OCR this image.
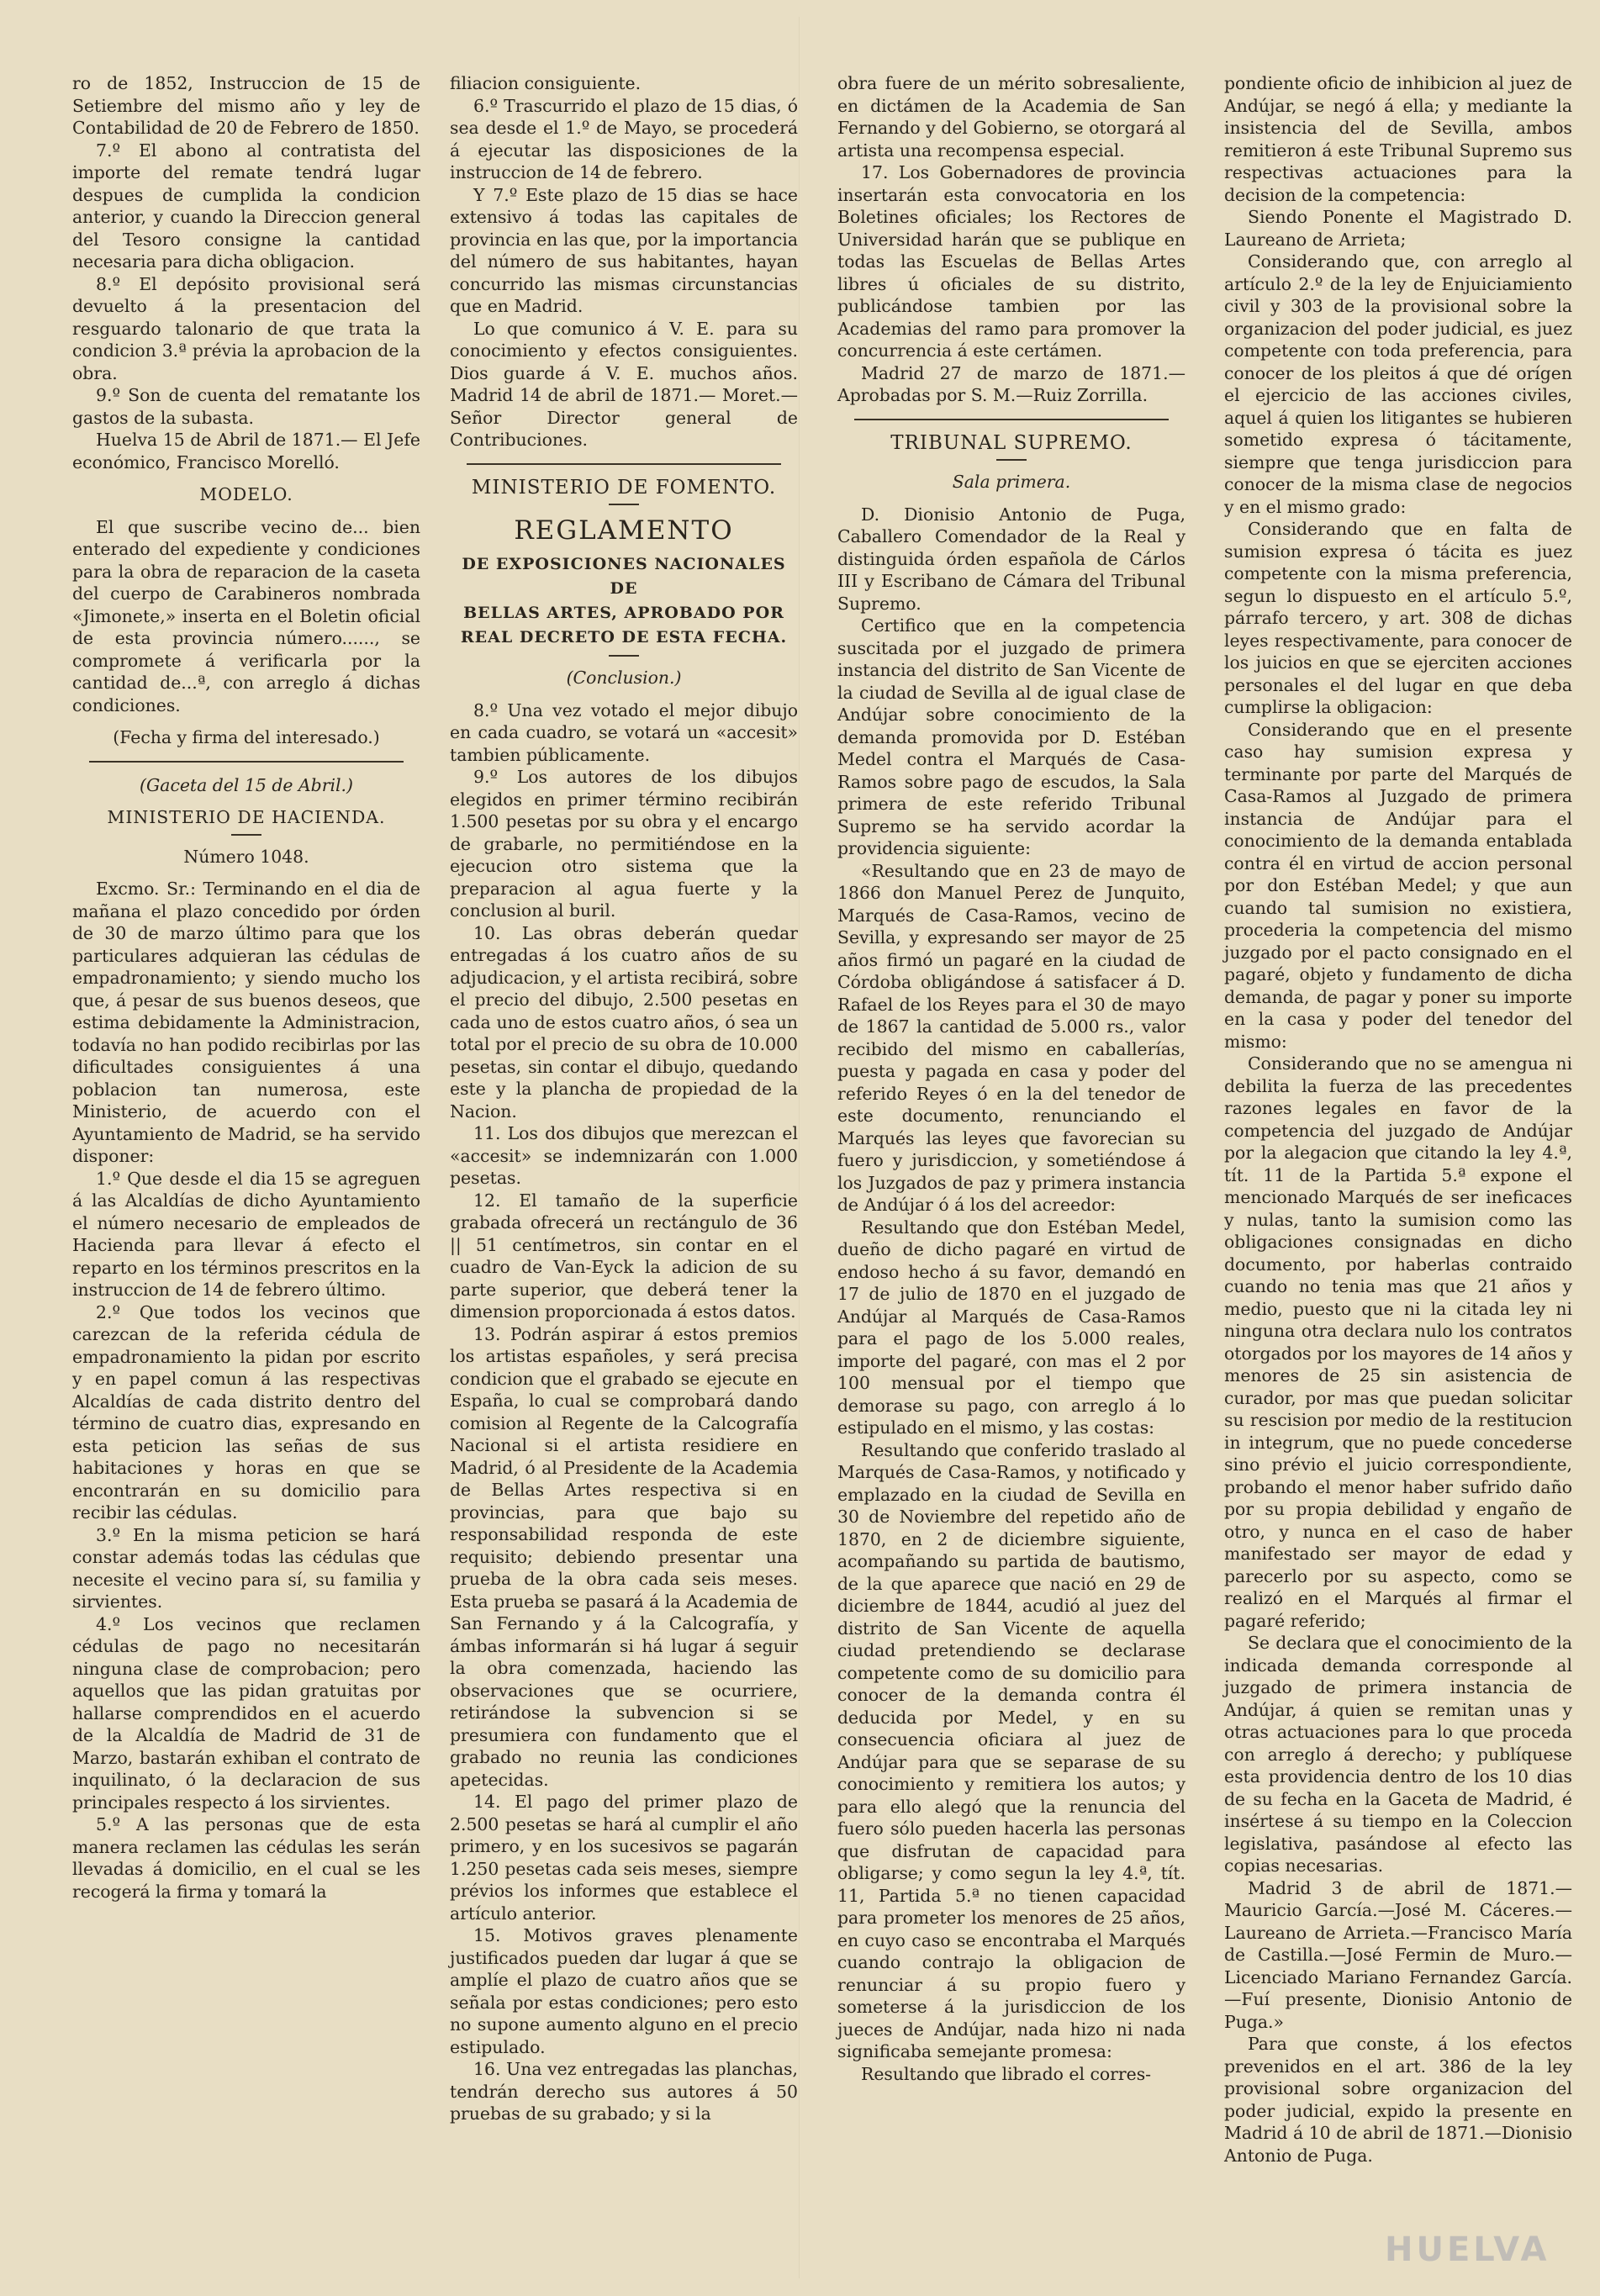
ro de 1852, Instruccion de 15 de Setiembre del mismo año y ley de Contabilidad de 20 de Febrero de 1850.

7.º El abono al contratista del importe del remate tendrá lugar despues de cumplida la condicion anterior, y cuando la Direccion general del Tesoro consigne la cantidad necesaria para dicha obligacion.

8.º El depósito provisional será devuelto á la presentacion del resguardo talonario de que trata la condicion 3.ª prévia la aprobacion de la obra.

9.º Son de cuenta del rematante los gastos de la subasta.

Huelva 15 de Abril de 1871.— El Jefe económico, Francisco Morelló.

MODELO.

El que suscribe vecino de... bien enterado del expediente y condiciones para la obra de reparacion de la caseta del cuerpo de Carabineros nombrada «Jimonete,» inserta en el Boletin oficial de esta provincia número......, se compromete á verificarla por la cantidad de...ª, con arreglo á dichas condiciones.

(Fecha y firma del interesado.)

(Gaceta del 15 de Abril.)

MINISTERIO DE HACIENDA.

Número 1048.

Excmo. Sr.: Terminando en el dia de mañana el plazo concedido por órden de 30 de marzo último para que los particulares adquieran las cédulas de empadronamiento; y siendo mucho los que, á pesar de sus buenos deseos, que estima debidamente la Administracion, todavía no han podido recibirlas por las dificultades consiguientes á una poblacion tan numerosa, este Ministerio, de acuerdo con el Ayuntamiento de Madrid, se ha servido disponer:

1.º Que desde el dia 15 se agreguen á las Alcaldías de dicho Ayuntamiento el número necesario de empleados de Hacienda para llevar á efecto el reparto en los términos prescritos en la instruccion de 14 de febrero último.

2.º Que todos los vecinos que carezcan de la referida cédula de empadronamiento la pidan por escrito y en papel comun á las respectivas Alcaldías de cada distrito dentro del término de cuatro dias, expresando en esta peticion las señas de sus habitaciones y horas en que se encontrarán en su domicilio para recibir las cédulas.

3.º En la misma peticion se hará constar además todas las cédulas que necesite el vecino para sí, su familia y sirvientes.

4.º Los vecinos que reclamen cédulas de pago no necesitarán ninguna clase de comprobacion; pero aquellos que las pidan gratuitas por hallarse comprendidos en el acuerdo de la Alcaldía de Madrid de 31 de Marzo, bastarán exhiban el contrato de inquilinato, ó la declaracion de sus principales respecto á los sirvientes.

5.º A las personas que de esta manera reclamen las cédulas les serán llevadas á domicilio, en el cual se les recogerá la firma y tomará la

filiacion consiguiente.

6.º Trascurrido el plazo de 15 dias, ó sea desde el 1.º de Mayo, se procederá á ejecutar las disposiciones de la instruccion de 14 de febrero.

Y 7.º Este plazo de 15 dias se hace extensivo á todas las capitales de provincia en las que, por la importancia del número de sus habitantes, hayan concurrido las mismas circunstancias que en Madrid.

Lo que comunico á V. E. para su conocimiento y efectos consiguientes. Dios guarde á V. E. muchos años. Madrid 14 de abril de 1871.— Moret.—Señor Director general de Contribuciones.

MINISTERIO DE FOMENTO.

REGLAMENTO
DE EXPOSICIONES NACIONALES DE
BELLAS ARTES, APROBADO POR
REAL DECRETO DE ESTA FECHA.

(Conclusion.)

8.º Una vez votado el mejor dibujo en cada cuadro, se votará un «accesit» tambien públicamente.

9.º Los autores de los dibujos elegidos en primer término recibirán 1.500 pesetas por su obra y el encargo de grabarle, no permitiéndose en la ejecucion otro sistema que la preparacion al agua fuerte y la conclusion al buril.

10. Las obras deberán quedar entregadas á los cuatro años de su adjudicacion, y el artista recibirá, sobre el precio del dibujo, 2.500 pesetas en cada uno de estos cuatro años, ó sea un total por el precio de su obra de 10.000 pesetas, sin contar el dibujo, quedando este y la plancha de propiedad de la Nacion.

11. Los dos dibujos que merezcan el «accesit» se indemnizarán con 1.000 pesetas.

12. El tamaño de la superficie grabada ofrecerá un rectángulo de 36 || 51 centímetros, sin contar en el cuadro de Van-Eyck la adicion de su parte superior, que deberá tener la dimension proporcionada á estos datos.

13. Podrán aspirar á estos premios los artistas españoles, y será precisa condicion que el grabado se ejecute en España, lo cual se comprobará dando comision al Regente de la Calcografía Nacional si el artista residiere en Madrid, ó al Presidente de la Academia de Bellas Artes respectiva si en provincias, para que bajo su responsabilidad responda de este requisito; debiendo presentar una prueba de la obra cada seis meses. Esta prueba se pasará á la Academia de San Fernando y á la Calcografía, y ámbas informarán si há lugar á seguir la obra comenzada, haciendo las observaciones que se ocurriere, retirándose la subvencion si se presumiera con fundamento que el grabado no reunia las condiciones apetecidas.

14. El pago del primer plazo de 2.500 pesetas se hará al cumplir el año primero, y en los sucesivos se pagarán 1.250 pesetas cada seis meses, siempre prévios los informes que establece el artículo anterior.

15. Motivos graves plenamente justificados pueden dar lugar á que se amplíe el plazo de cuatro años que se señala por estas condiciones; pero esto no supone aumento alguno en el precio estipulado.

16. Una vez entregadas las planchas, tendrán derecho sus autores á 50 pruebas de su grabado; y si la

obra fuere de un mérito sobresaliente, en dictámen de la Academia de San Fernando y del Gobierno, se otorgará al artista una recompensa especial.

17. Los Gobernadores de provincia insertarán esta convocatoria en los Boletines oficiales; los Rectores de Universidad harán que se publique en todas las Escuelas de Bellas Artes libres ú oficiales de su distrito, publicándose tambien por las Academias del ramo para promover la concurrencia á este certámen.

Madrid 27 de marzo de 1871.— Aprobadas por S. M.—Ruiz Zorrilla.

TRIBUNAL SUPREMO.

Sala primera.

D. Dionisio Antonio de Puga, Caballero Comendador de la Real y distinguida órden española de Cárlos III y Escribano de Cámara del Tribunal Supremo.

Certifico que en la competencia suscitada por el juzgado de primera instancia del distrito de San Vicente de la ciudad de Sevilla al de igual clase de Andújar sobre conocimiento de la demanda promovida por D. Estéban Medel contra el Marqués de Casa-Ramos sobre pago de escudos, la Sala primera de este referido Tribunal Supremo se ha servido acordar la providencia siguiente:

«Resultando que en 23 de mayo de 1866 don Manuel Perez de Junquito, Marqués de Casa-Ramos, vecino de Sevilla, y expresando ser mayor de 25 años firmó un pagaré en la ciudad de Córdoba obligándose á satisfacer á D. Rafael de los Reyes para el 30 de mayo de 1867 la cantidad de 5.000 rs., valor recibido del mismo en caballerías, puesta y pagada en casa y poder del referido Reyes ó en la del tenedor de este documento, renunciando el Marqués las leyes que favorecian su fuero y jurisdiccion, y sometiéndose á los Juzgados de paz y primera instancia de Andújar ó á los del acreedor:

Resultando que don Estéban Medel, dueño de dicho pagaré en virtud de endoso hecho á su favor, demandó en 17 de julio de 1870 en el juzgado de Andújar al Marqués de Casa-Ramos para el pago de los 5.000 reales, importe del pagaré, con mas el 2 por 100 mensual por el tiempo que demorase su pago, con arreglo á lo estipulado en el mismo, y las costas:

Resultando que conferido traslado al Marqués de Casa-Ramos, y notificado y emplazado en la ciudad de Sevilla en 30 de Noviembre del repetido año de 1870, en 2 de diciembre siguiente, acompañando su partida de bautismo, de la que aparece que nació en 29 de diciembre de 1844, acudió al juez del distrito de San Vicente de aquella ciudad pretendiendo se declarase competente como de su domicilio para conocer de la demanda contra él deducida por Medel, y en su consecuencia oficiara al juez de Andújar para que se separase de su conocimiento y remitiera los autos; y para ello alegó que la renuncia del fuero sólo pueden hacerla las personas que disfrutan de capacidad para obligarse; y como segun la ley 4.ª, tít. 11, Partida 5.ª no tienen capacidad para prometer los menores de 25 años, en cuyo caso se encontraba el Marqués cuando contrajo la obligacion de renunciar á su propio fuero y someterse á la jurisdiccion de los jueces de Andújar, nada hizo ni nada significaba semejante promesa:

Resultando que librado el corres-

pondiente oficio de inhibicion al juez de Andújar, se negó á ella; y mediante la insistencia del de Sevilla, ambos remitieron á este Tribunal Supremo sus respectivas actuaciones para la decision de la competencia:

Siendo Ponente el Magistrado D. Laureano de Arrieta;

Considerando que, con arreglo al artículo 2.º de la ley de Enjuiciamiento civil y 303 de la provisional sobre la organizacion del poder judicial, es juez competente con toda preferencia, para conocer de los pleitos á que dé orígen el ejercicio de las acciones civiles, aquel á quien los litigantes se hubieren sometido expresa ó tácitamente, siempre que tenga jurisdiccion para conocer de la misma clase de negocios y en el mismo grado:

Considerando que en falta de sumision expresa ó tácita es juez competente con la misma preferencia, segun lo dispuesto en el artículo 5.º, párrafo tercero, y art. 308 de dichas leyes respectivamente, para conocer de los juicios en que se ejerciten acciones personales el del lugar en que deba cumplirse la obligacion:

Considerando que en el presente caso hay sumision expresa y terminante por parte del Marqués de Casa-Ramos al Juzgado de primera instancia de Andújar para el conocimiento de la demanda entablada contra él en virtud de accion personal por don Estéban Medel; y que aun cuando tal sumision no existiera, procederia la competencia del mismo juzgado por el pacto consignado en el pagaré, objeto y fundamento de dicha demanda, de pagar y poner su importe en la casa y poder del tenedor del mismo:

Considerando que no se amengua ni debilita la fuerza de las precedentes razones legales en favor de la competencia del juzgado de Andújar por la alegacion que citando la ley 4.ª, tít. 11 de la Partida 5.ª expone el mencionado Marqués de ser ineficaces y nulas, tanto la sumision como las obligaciones consignadas en dicho documento, por haberlas contraido cuando no tenia mas que 21 años y medio, puesto que ni la citada ley ni ninguna otra declara nulo los contratos otorgados por los mayores de 14 años y menores de 25 sin asistencia de curador, por mas que puedan solicitar su rescision por medio de la restitucion in integrum, que no puede concederse sino prévio el juicio correspondiente, probando el menor haber sufrido daño por su propia debilidad y engaño de otro, y nunca en el caso de haber manifestado ser mayor de edad y parecerlo por su aspecto, como se realizó en el Marqués al firmar el pagaré referido;

Se declara que el conocimiento de la indicada demanda corresponde al juzgado de primera instancia de Andújar, á quien se remitan unas y otras actuaciones para lo que proceda con arreglo á derecho; y publíquese esta providencia dentro de los 10 dias de su fecha en la Gaceta de Madrid, é insértese á su tiempo en la Coleccion legislativa, pasándose al efecto las copias necesarias.

Madrid 3 de abril de 1871.—Mauricio García.—José M. Cáceres.—Laureano de Arrieta.—Francisco María de Castilla.—José Fermin de Muro.—Licenciado Mariano Fernandez García.—Fuí presente, Dionisio Antonio de Puga.»

Para que conste, á los efectos prevenidos en el art. 386 de la ley provisional sobre organizacion del poder judicial, expido la presente en Madrid á 10 de abril de 1871.—Dionisio Antonio de Puga.

HUELVA
